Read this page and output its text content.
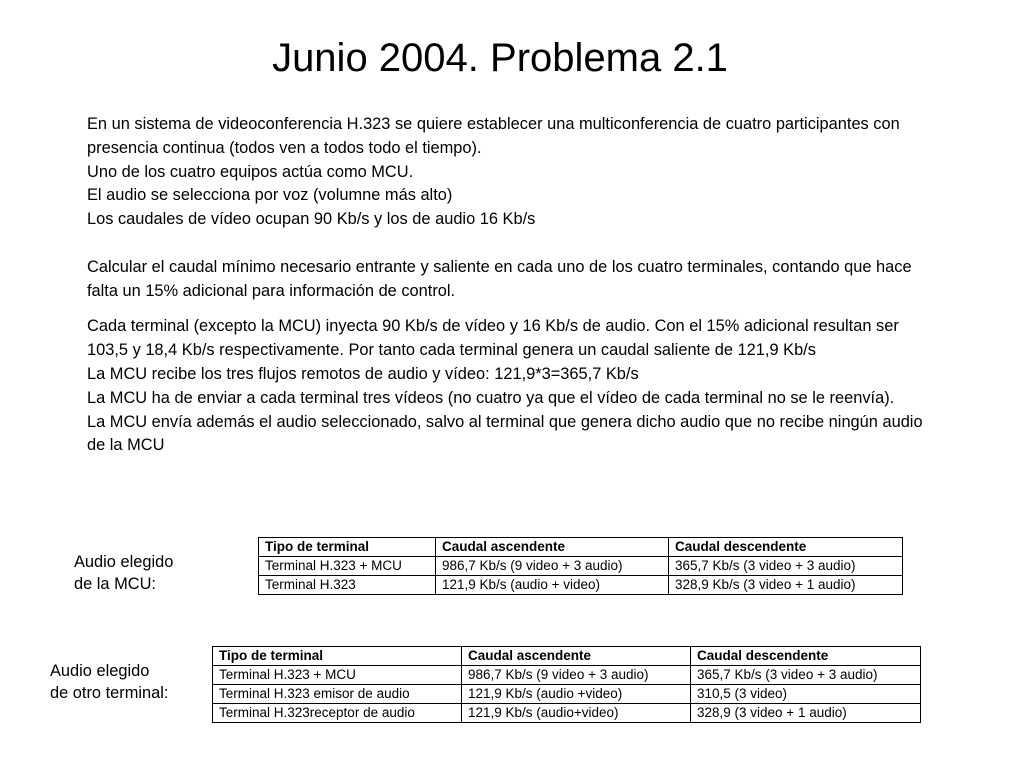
Junio 2004. Problema 2.1

En un sistema de videoconferencia H.323 se quiere establecer una multiconferencia de cuatro participantes con presencia continua (todos ven a todos todo el tiempo).

Uno de los cuatro equipos actúa como MCU.

El audio se selecciona por voz (volumne más alto)

Los caudales de vídeo ocupan 90 Kb/s y los de audio 16 Kb/s

Calcular el caudal mínimo necesario entrante y saliente en cada uno de los cuatro terminales, contando que hace falta un 15% adicional para información de control.

Cada terminal (excepto la MCU) inyecta 90 Kb/s de vídeo y 16 Kb/s de audio. Con el 15% adicional resultan ser 103,5 y 18,4 Kb/s respectivamente. Por tanto cada terminal genera un caudal saliente de 121,9 Kb/s

La MCU recibe los tres flujos remotos de audio y vídeo: 121,9*3=365,7 Kb/s

La MCU ha de enviar a cada terminal tres vídeos (no cuatro ya que el vídeo de cada terminal no se le reenvía).

La MCU envía además el audio seleccionado, salvo al terminal que genera dicho audio que no recibe ningún audio de la MCU

Audio elegido
de la MCU:
Tipo de terminal	Caudal ascendente	Caudal descendente
Terminal H.323 + MCU	986,7 Kb/s (9 video + 3 audio)	365,7 Kb/s (3 video + 3 audio)
Terminal H.323	121,9 Kb/s (audio + video)	328,9 Kb/s (3 video + 1 audio)
Audio elegido
de otro terminal:
Tipo de terminal	Caudal ascendente	Caudal descendente
Terminal H.323 + MCU	986,7 Kb/s (9 video + 3 audio)	365,7 Kb/s (3 video + 3 audio)
Terminal H.323 emisor de audio	121,9 Kb/s (audio +video)	310,5 (3 video)
Terminal H.323receptor de audio	121,9 Kb/s (audio+video)	328,9 (3 video + 1 audio)
